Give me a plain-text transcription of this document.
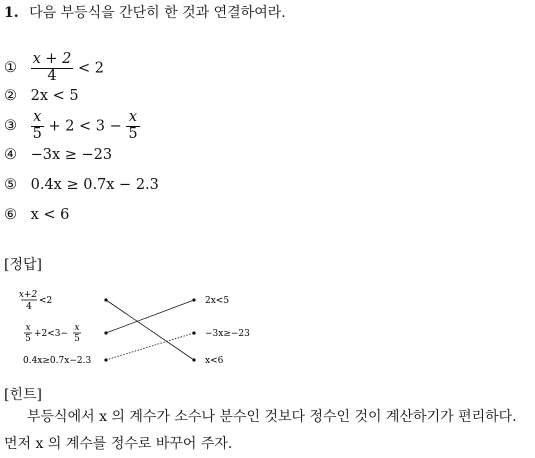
1. 다음 부등식을 간단히 한 것과 연결하여라.
① $\frac{x + 2}{4} < 2$
② 2x < 5
③ $\frac{x}{5} + 2 < 3 - \frac{x}{5}$
④ −3x ≥ −23
⑤ 0.4x ≥ 0.7x − 2.3
⑥ x < 6
[정답]
x+2
4
<2
x
5 +2<3−
x
5
0.4x≥0.7x−2.3
2x<5
−3x≥−23
x<6
[힌트]
부등식에서 x 의 계수가 소수나 분수인 것보다 정수인 것이 계산하기가 편리하다. 먼저 x 의 계수를 정수로 바꾸어 주자.
